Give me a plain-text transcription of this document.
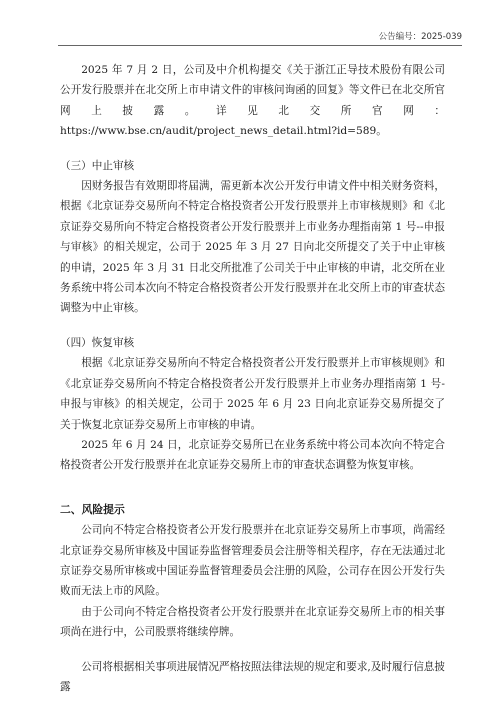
公告编号：2025-039

2025 年 7 月 2 日，公司及中介机构提交《关于浙江正导技术股份有限公司公开发行股票并在北交所上市申请文件的审核问询函的回复》等文件已在北交所官网上披露。详见北交所官网：https://www.bse.cn/audit/project_news_detail.html?id=589。

（三）中止审核

因财务报告有效期即将届满，需更新本次公开发行申请文件中相关财务资料，根据《北京证券交易所向不特定合格投资者公开发行股票并上市审核规则》和《北京证券交易所向不特定合格投资者公开发行股票并上市业务办理指南第 1 号--申报与审核》的相关规定，公司于 2025 年 3 月 27 日向北交所提交了关于中止审核的申请，2025 年 3 月 31 日北交所批准了公司关于中止审核的申请，北交所在业务系统中将公司本次向不特定合格投资者公开发行股票并在北交所上市的审查状态调整为中止审核。

（四）恢复审核

根据《北京证券交易所向不特定合格投资者公开发行股票并上市审核规则》和《北京证券交易所向不特定合格投资者公开发行股票并上市业务办理指南第 1 号-申报与审核》的相关规定，公司于 2025 年 6 月 23 日向北京证券交易所提交了关于恢复北京证券交易所上市审核的申请。

2025 年 6 月 24 日，北京证券交易所已在业务系统中将公司本次向不特定合格投资者公开发行股票并在北京证券交易所上市的审查状态调整为恢复审核。

二、风险提示

公司向不特定合格投资者公开发行股票并在北京证券交易所上市事项，尚需经北京证券交易所审核及中国证券监督管理委员会注册等相关程序，存在无法通过北京证券交易所审核或中国证券监督管理委员会注册的风险，公司存在因公开发行失败而无法上市的风险。

由于公司向不特定合格投资者公开发行股票并在北京证券交易所上市的相关事项尚在进行中，公司股票将继续停牌。

公司将根据相关事项进展情况严格按照法律法规的规定和要求,及时履行信息披露
